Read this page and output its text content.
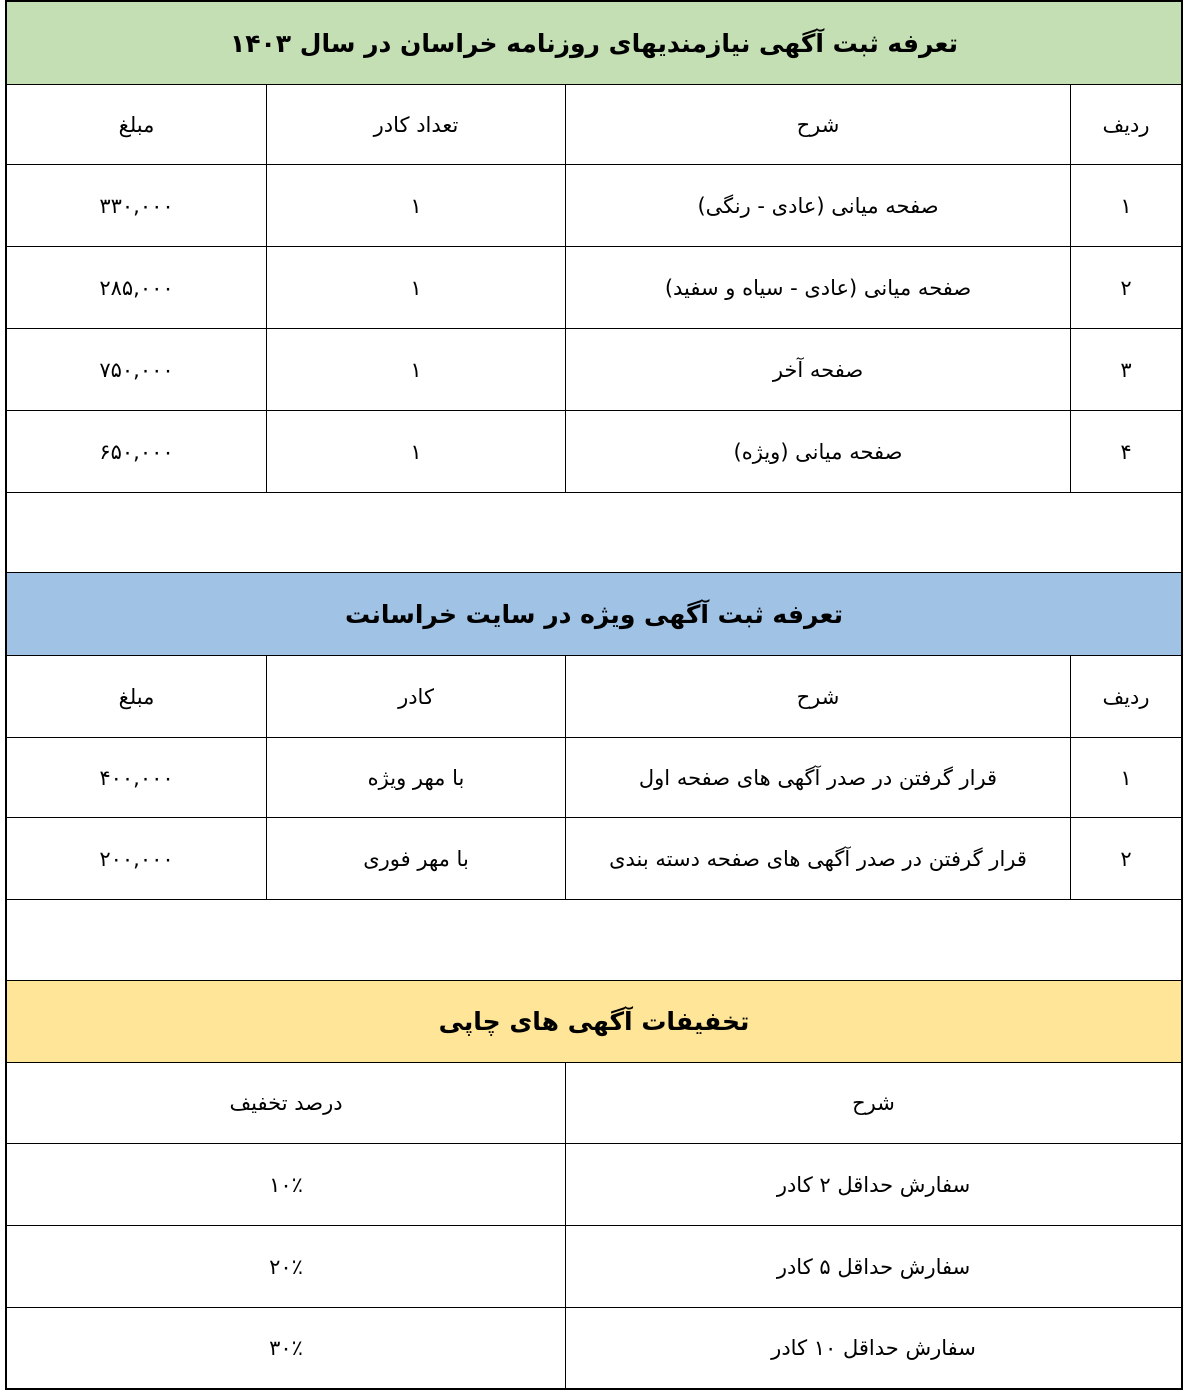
تعرفه ثبت آگهی نیازمندیهای روزنامه خراسان در سال ۱۴۰۳
مبلغ	تعداد کادر	شرح	ردیف
۳۳۰,۰۰۰	۱	صفحه میانی (عادی - رنگی)	۱
۲۸۵,۰۰۰	۱	صفحه میانی (عادی - سیاه و سفید)	۲
۷۵۰,۰۰۰	۱	صفحه آخر	۳
۶۵۰,۰۰۰	۱	صفحه میانی (ویژه)	۴
تعرفه ثبت آگهی ویژه در سایت خراسانت
مبلغ	کادر	شرح	ردیف
۴۰۰,۰۰۰	با مهر ویژه	قرار گرفتن در صدر آگهی های صفحه اول	۱
۲۰۰,۰۰۰	با مهر فوری	قرار گرفتن در صدر آگهی های صفحه دسته بندی	۲
تخفیفات آگهی های چاپی
درصد تخفیف	شرح
۱۰٪	سفارش حداقل ۲ کادر
۲۰٪	سفارش حداقل ۵ کادر
۳۰٪	سفارش حداقل ۱۰ کادر
